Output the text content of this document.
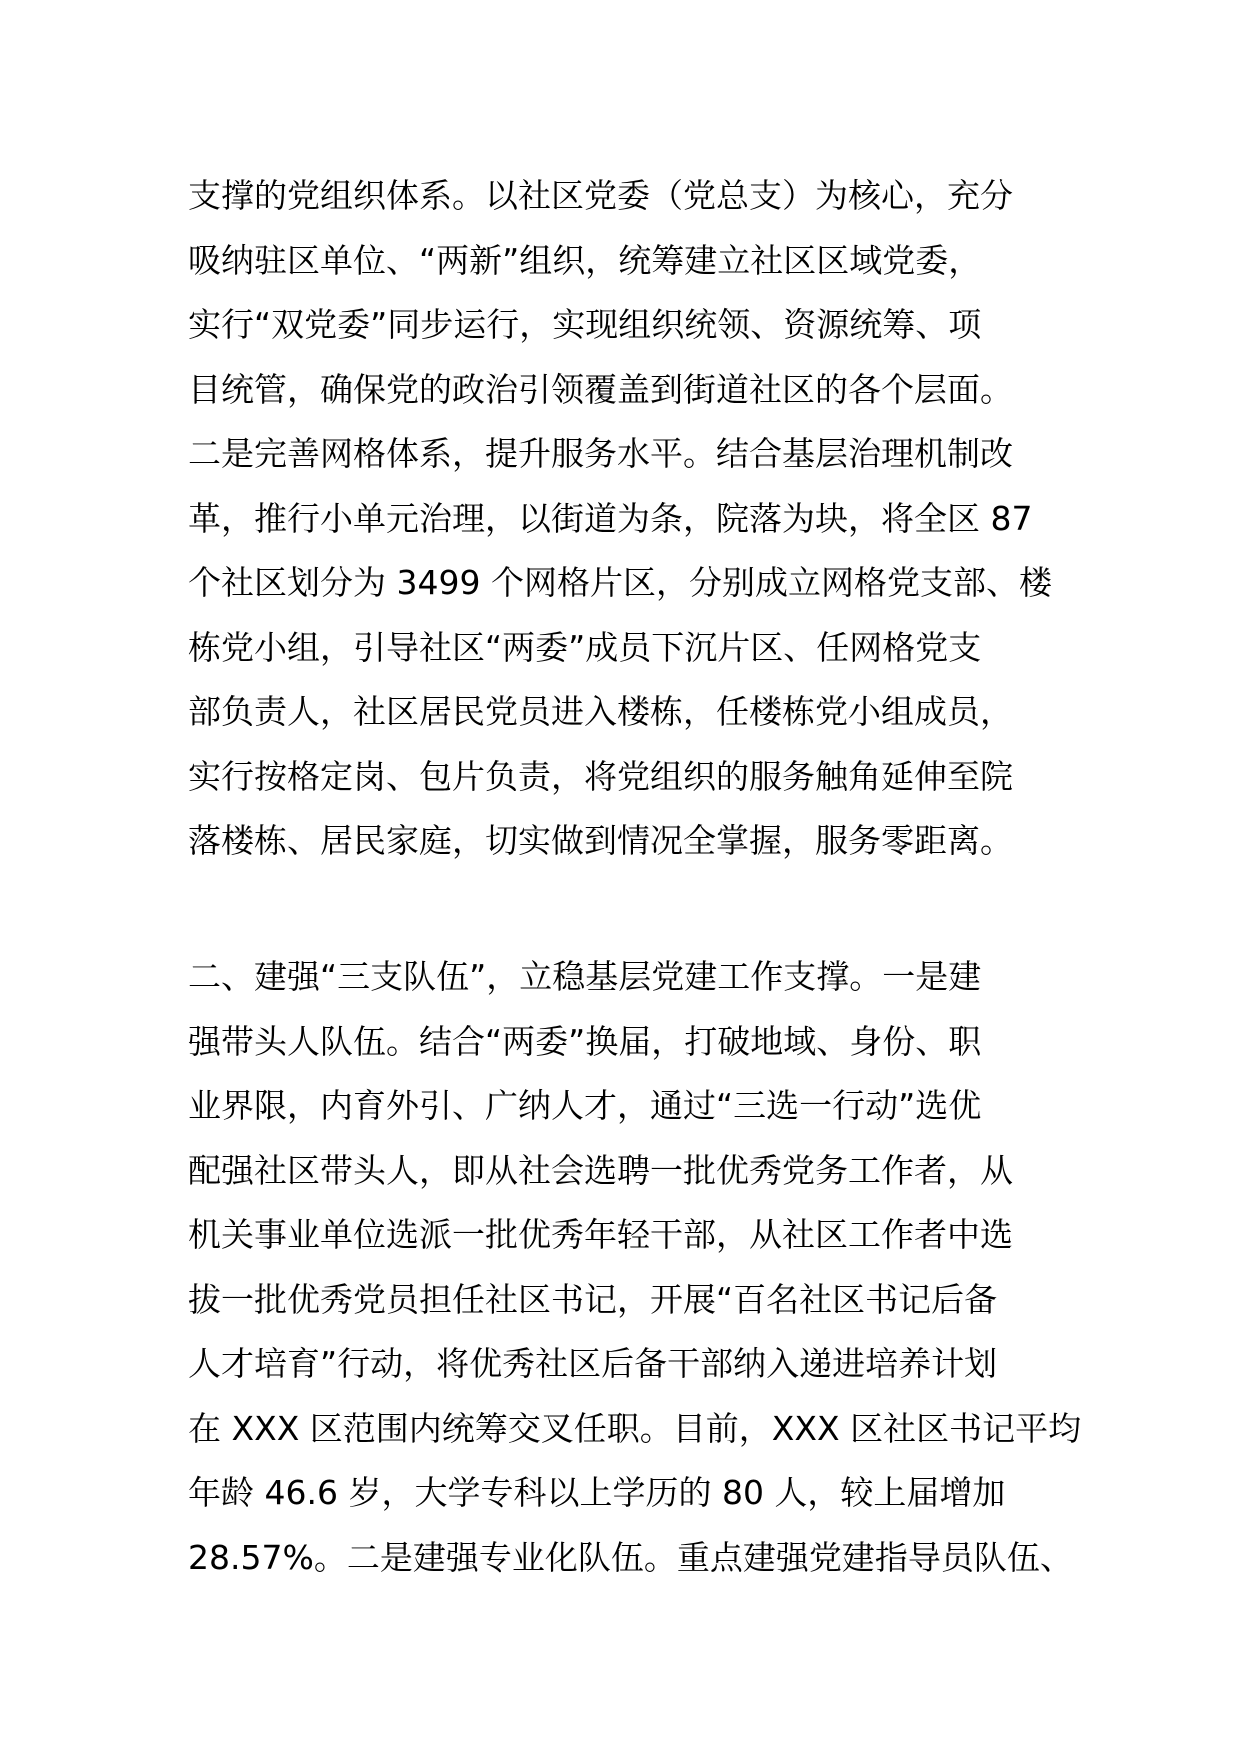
支撑的党组织体系。以社区党委（党总支）为核心，充分
吸纳驻区单位、“两新”组织，统筹建立社区区域党委，
实行“双党委”同步运行，实现组织统领、资源统筹、项
目统管，确保党的政治引领覆盖到街道社区的各个层面。
二是完善网格体系，提升服务水平。结合基层治理机制改
革，推行小单元治理，以街道为条，院落为块，将全区 87
个社区划分为 3499 个网格片区，分别成立网格党支部、楼
栋党小组，引导社区“两委”成员下沉片区、任网格党支
部负责人，社区居民党员进入楼栋，任楼栋党小组成员，
实行按格定岗、包片负责，将党组织的服务触角延伸至院
落楼栋、居民家庭，切实做到情况全掌握，服务零距离。

二、建强“三支队伍”，立稳基层党建工作支撑。一是建
强带头人队伍。结合“两委”换届，打破地域、身份、职
业界限，内育外引、广纳人才，通过“三选一行动”选优
配强社区带头人，即从社会选聘一批优秀党务工作者，从
机关事业单位选派一批优秀年轻干部，从社区工作者中选
拔一批优秀党员担任社区书记，开展“百名社区书记后备
人才培育”行动，将优秀社区后备干部纳入递进培养计划
在 XXX 区范围内统筹交叉任职。目前，XXX 区社区书记平均
年龄 46.6 岁，大学专科以上学历的 80 人，较上届增加
28.57%。二是建强专业化队伍。重点建强党建指导员队伍、
